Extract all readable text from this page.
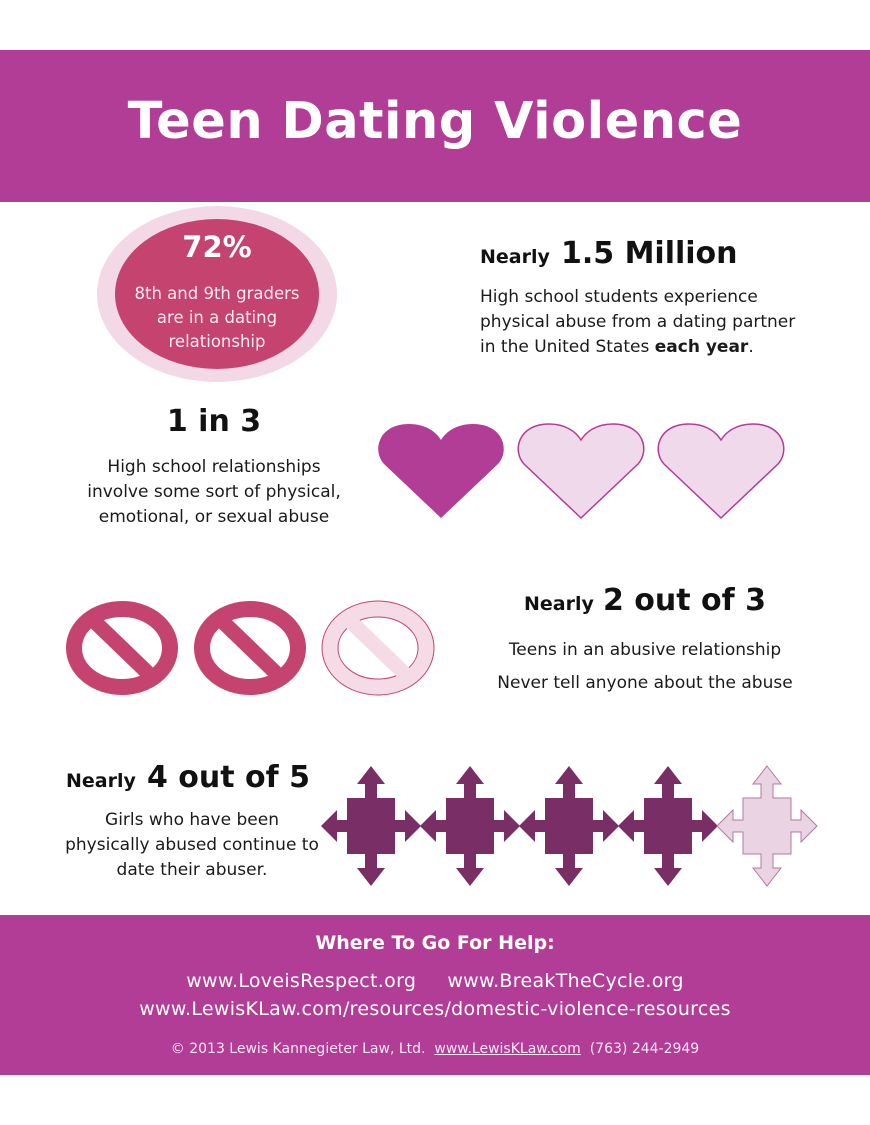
Teen Dating Violence
72%
8th and 9th graders
are in a dating
relationship
Nearly 1.5 Million
High school students experience
physical abuse from a dating partner
in the United States each year.
1 in 3
High school relationships
involve some sort of physical,
emotional, or sexual abuse
Nearly 2 out of 3
Teens in an abusive relationship
Never tell anyone about the abuse
Nearly 4 out of 5
Girls who have been
physically abused continue to
date their abuser.
Where To Go For Help:
www.LoveisRespect.org www.BreakTheCycle.org
www.LewisKLaw.com/resources/domestic-violence-resources
© 2013 Lewis Kannegieter Law, Ltd. www.LewisKLaw.com (763) 244-2949
